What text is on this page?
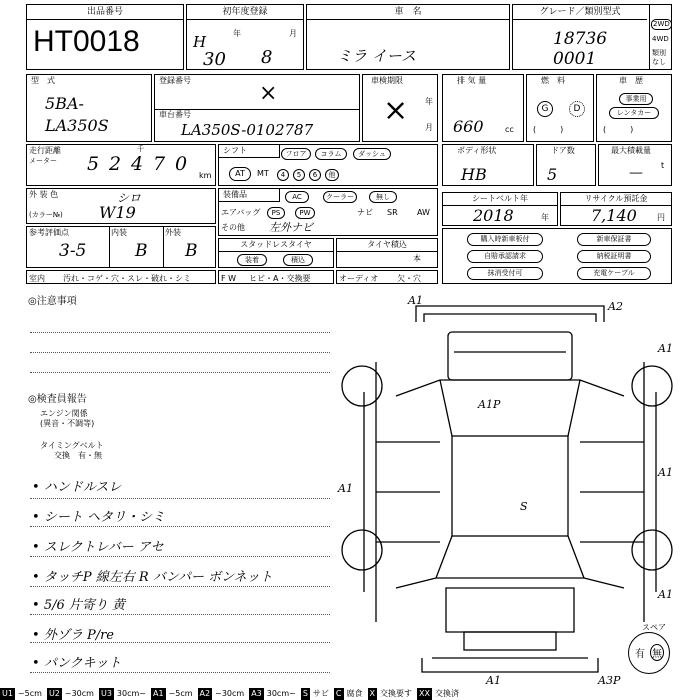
出品番号
HT0018
初年度登録
H
30
年
8
月
車　名
ミラ イース
グレード／類別型式
18736
0001
2WD
4WD
類別なし
型　式
5BA-LA350S
登録番号
車台番号
LA350S-0102787
×
車検期限
年
月
×
排 気 量
660	cc
燃　料
G	D
(　　　)
車　歴
事業用
レンタカー
(　　　)
走行距離
メーター 5 2 4 7 0
千
km
シフト	フロア	コラム	ダッシュ
AT	MT	4	5	6	他
ボディ形状
HB
ドア数
5
最大積載量
— t
外 装 色	シロ
(カラー№) W19
装備品	AC	クーラー	無し
エアバッグ	PS	PW	ナビ SR AW
その他 左外ナビ
シートベルト年
2018	年
リサイクル預託金
7,140	円
参考評価点
3-5
内装
B
外装
B	スタッドレスタイヤ
装着	積込
タイヤ積込
本
購入時新車板付	新車保証書
自賠承認請求	納税証明書
抹消受付可	充電ケーブル
室内 汚れ・コゲ・穴・スレ・破れ・シミ	F W ヒビ・A・交換要	オーディオ 欠・穴
◎注意事項
◎検査員報告
エンジン関係
(異音・不調等)
タイミングベルト
交換　有・無
• ハンドルスレ
• シート ヘタリ・シミ
• スレクトレバー アセ
• タッチP 線左右 R バンパー ボンネット
• 5/6 片寄り 黄
• 外ゾラ P/re
• パンクキット
A1	A2
A1
A1P
A1
S
A1
A1
A1	A3P
スペア
有 無
U1 ~5cm U2 ~30cm U3 30cm~ A1 ~5cm A2 ~30cm A3 30cm~ S サビ C 腐食 X 交換要す XX 交換済
